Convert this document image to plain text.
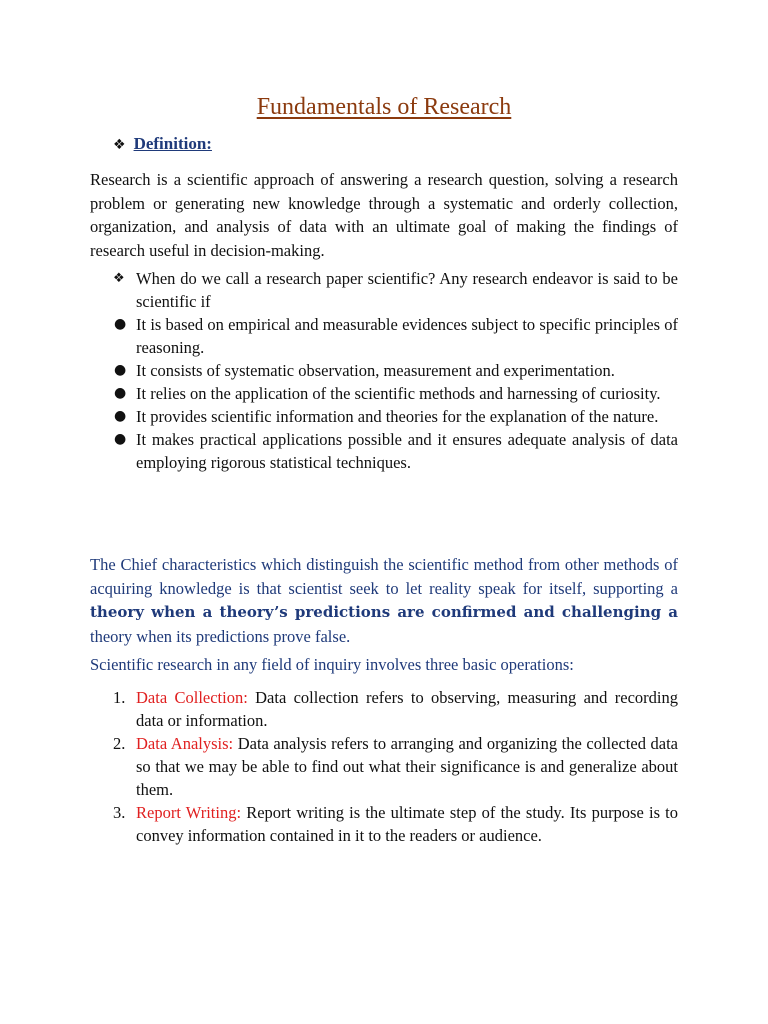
Fundamentals of Research
❖ Definition:
Research is a scientific approach of answering a research question, solving a research problem or generating new knowledge through a systematic and orderly collection, organization, and analysis of data with an ultimate goal of making the findings of research useful in decision-making.
❖ When do we call a research paper scientific? Any research endeavor is said to be scientific if
● It is based on empirical and measurable evidences subject to specific principles of reasoning.
● It consists of systematic observation, measurement and experimentation.
● It relies on the application of the scientific methods and harnessing of curiosity.
● It provides scientific information and theories for the explanation of the nature.
● It makes practical applications possible and it ensures adequate analysis of data employing rigorous statistical techniques.
The Chief characteristics which distinguish the scientific method from other methods of acquiring knowledge is that scientist seek to let reality speak for itself, supporting a theory when a theory’s predictions are confirmed and challenging a theory when its predictions prove false.
Scientific research in any field of inquiry involves three basic operations:
1. Data Collection: Data collection refers to observing, measuring and recording data or information.
2. Data Analysis: Data analysis refers to arranging and organizing the collected data so that we may be able to find out what their significance is and generalize about them.
3. Report Writing: Report writing is the ultimate step of the study. Its purpose is to convey information contained in it to the readers or audience.
